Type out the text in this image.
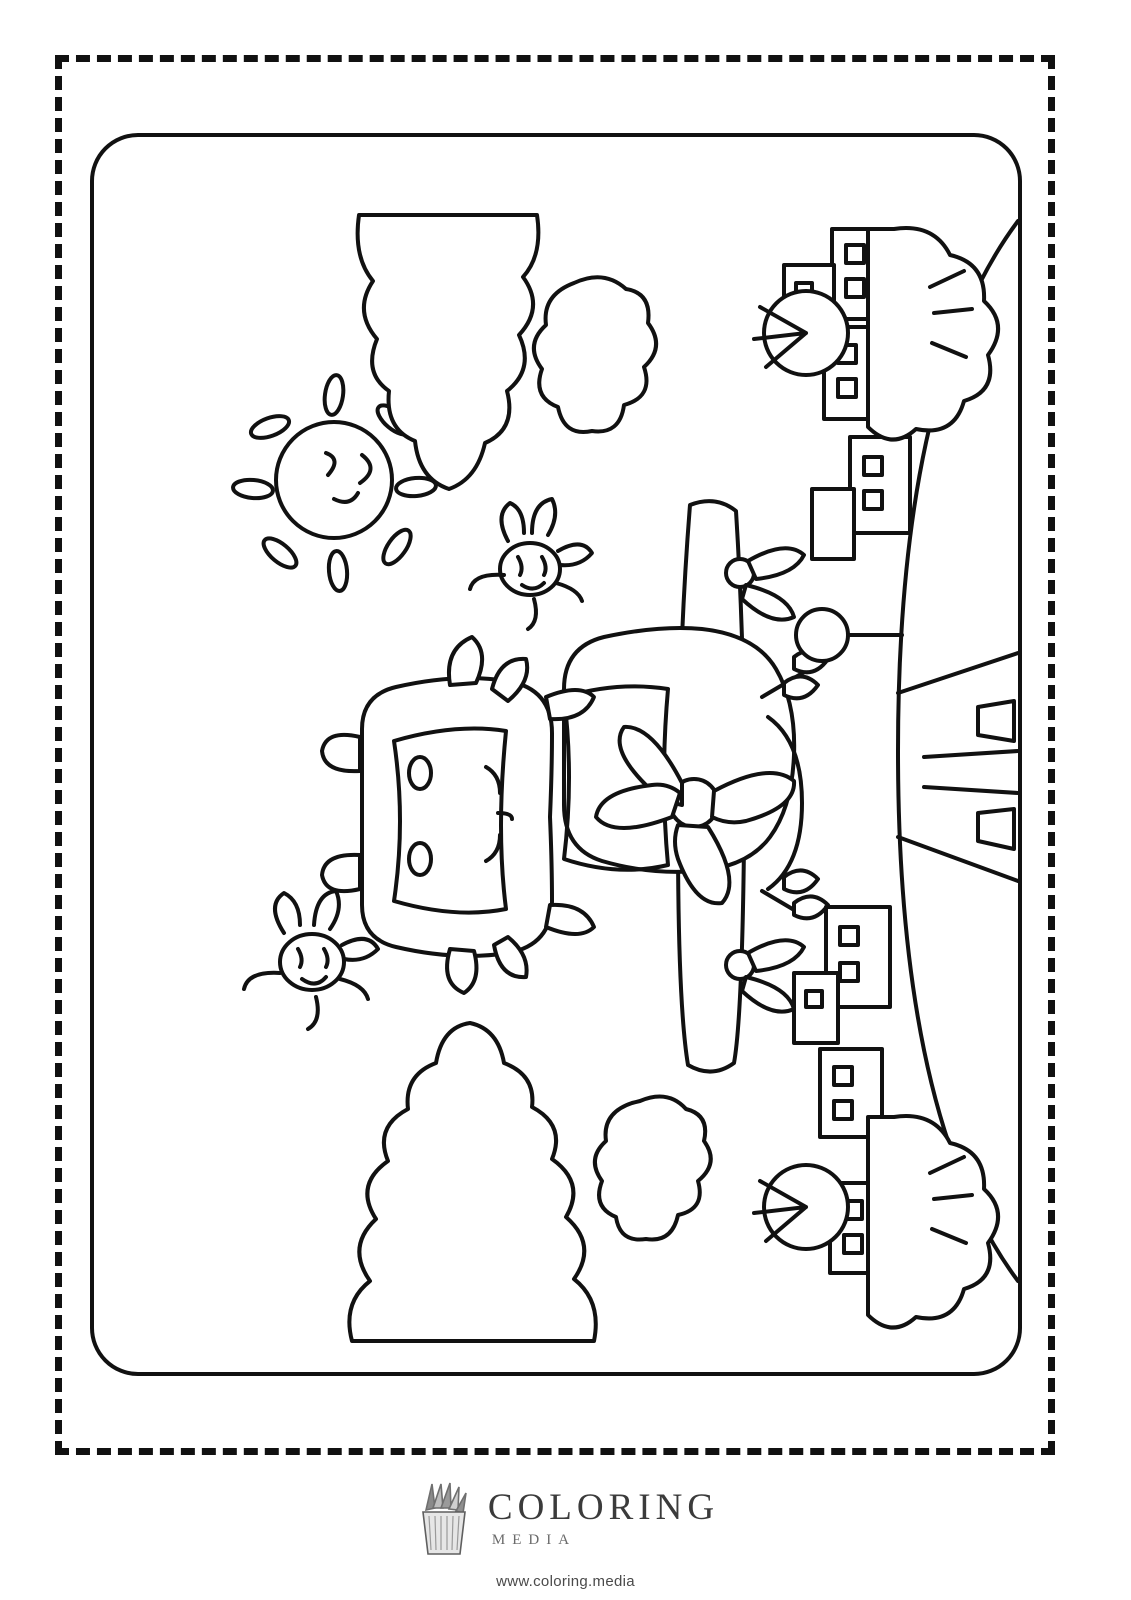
COLORING
MEDIA
www.coloring.media
